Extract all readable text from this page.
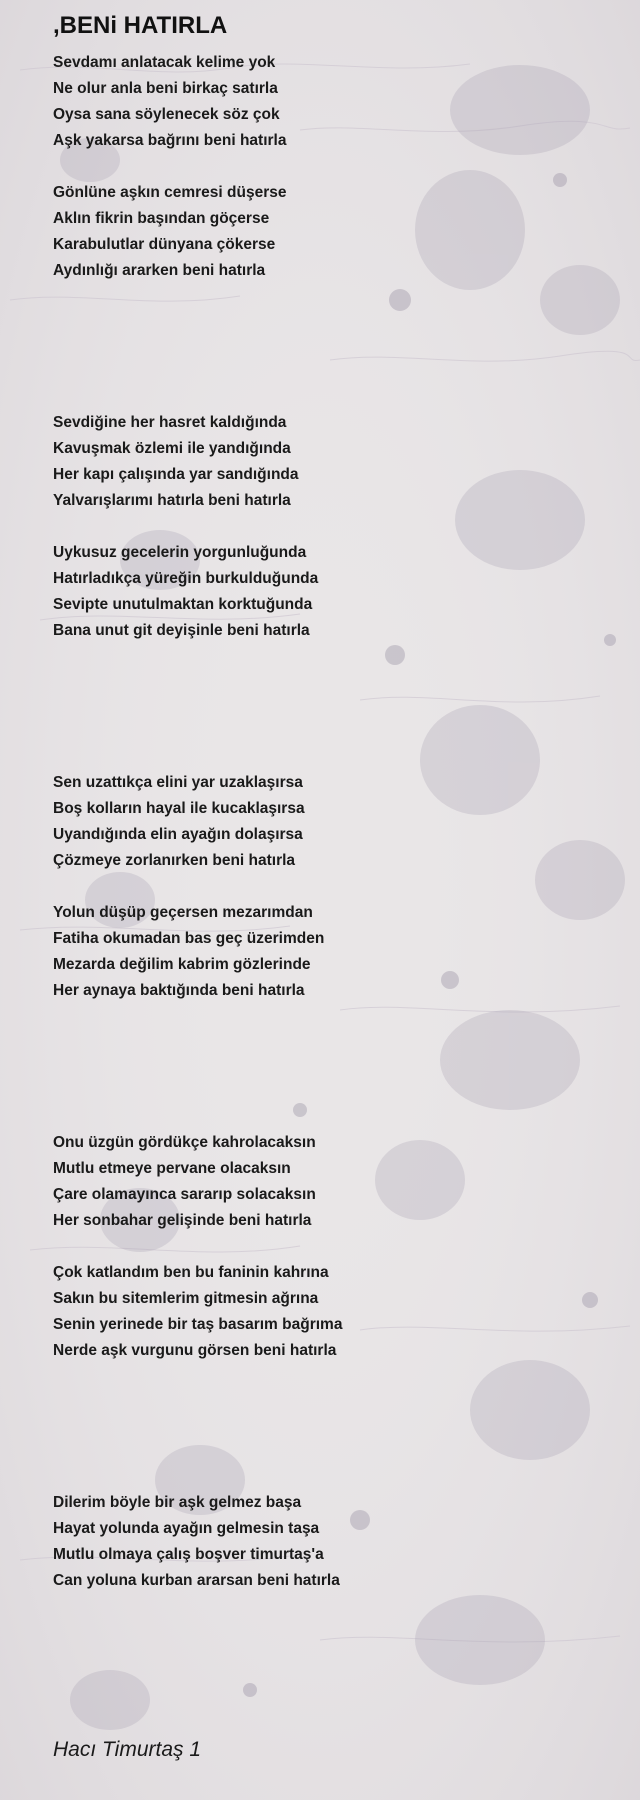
,BENi HATIRLA
Sevdamı anlatacak kelime yok
Ne olur anla beni birkaç satırla
Oysa sana söylenecek söz çok
Aşk yakarsa bağrını beni hatırla
Gönlüne aşkın cemresi düşerse
Aklın fikrin başından göçerse
Karabulutlar dünyana çökerse
Aydınlığı ararken beni hatırla
Sevdiğine her hasret kaldığında
Kavuşmak özlemi ile yandığında
Her kapı çalışında yar sandığında
Yalvarışlarımı hatırla beni hatırla
Uykusuz gecelerin yorgunluğunda
Hatırladıkça yüreğin burkulduğunda
Sevipte unutulmaktan korktuğunda
Bana unut git deyişinle beni hatırla
Sen uzattıkça elini yar uzaklaşırsa
Boş kolların hayal ile kucaklaşırsa
Uyandığında elin ayağın dolaşırsa
Çözmeye zorlanırken beni hatırla
Yolun düşüp geçersen mezarımdan
Fatiha okumadan bas geç üzerimden
Mezarda değilim kabrim gözlerinde
Her aynaya baktığında beni hatırla
Onu üzgün gördükçe kahrolacaksın
Mutlu etmeye pervane olacaksın
Çare olamayınca sararıp solacaksın
Her sonbahar gelişinde beni hatırla
Çok katlandım ben bu faninin kahrına
Sakın bu sitemlerim gitmesin ağrına
Senin yerinede bir taş basarım bağrıma
Nerde aşk vurgunu görsen beni hatırla
Dilerim böyle bir aşk gelmez başa
Hayat yolunda ayağın gelmesin taşa
Mutlu olmaya çalış boşver timurtaş'a
Can yoluna kurban ararsan beni hatırla

Hacı Timurtaş 1
